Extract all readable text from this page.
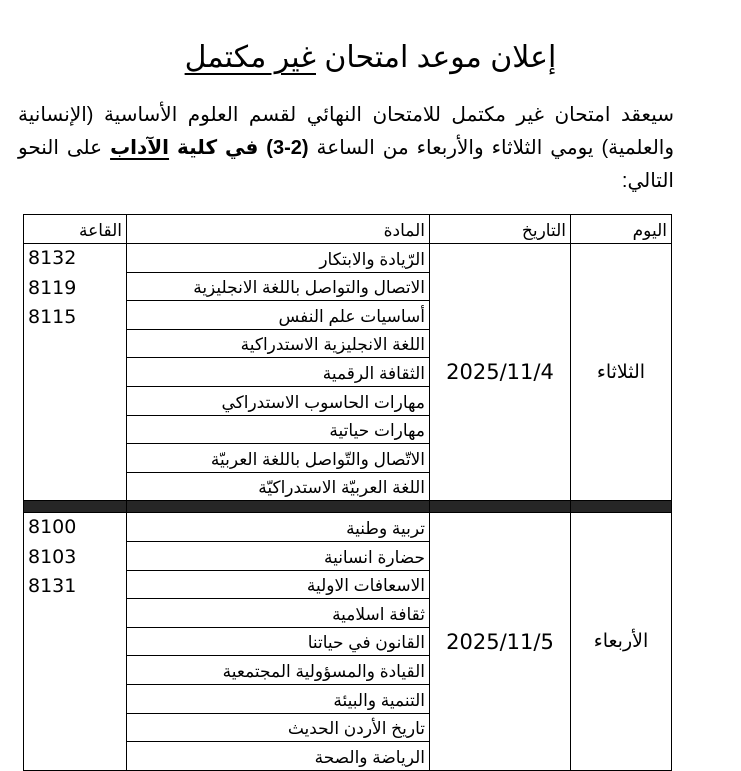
إعلان موعد امتحان غير مكتمل
سيعقد امتحان غير مكتمل للامتحان النهائي لقسم العلوم الأساسية (الإنسانية والعلمية) يومي الثلاثاء والأربعاء من الساعة (2-3) في كلية الآداب على النحو التالي:
اليوم	التاريخ	المادة	القاعة
الثلاثاء	2025/11/4	الرّيادة والابتكار	8132
8119
8115

		الاتصال والتواصل باللغة الانجليزية	
		أساسيات علم النفس	
		اللغة الانجليزية الاستدراكية	
		الثقافة الرقمية	
		مهارات الحاسوب الاستدراكي	
		مهارات حياتية	
		الاتّصال والتّواصل باللغة العربيّة	
		اللغة العربيّة الاستدراكيّة	

الأربعاء	2025/11/5	تربية وطنية	8100
8103
8131

		حضارة انسانية	
		الاسعافات الاولية	
		ثقافة اسلامية	
		القانون في حياتنا	
		القيادة والمسؤولية المجتمعية	
		التنمية والبيئة	
		تاريخ الأردن الحديث	
		الرياضة والصحة	
